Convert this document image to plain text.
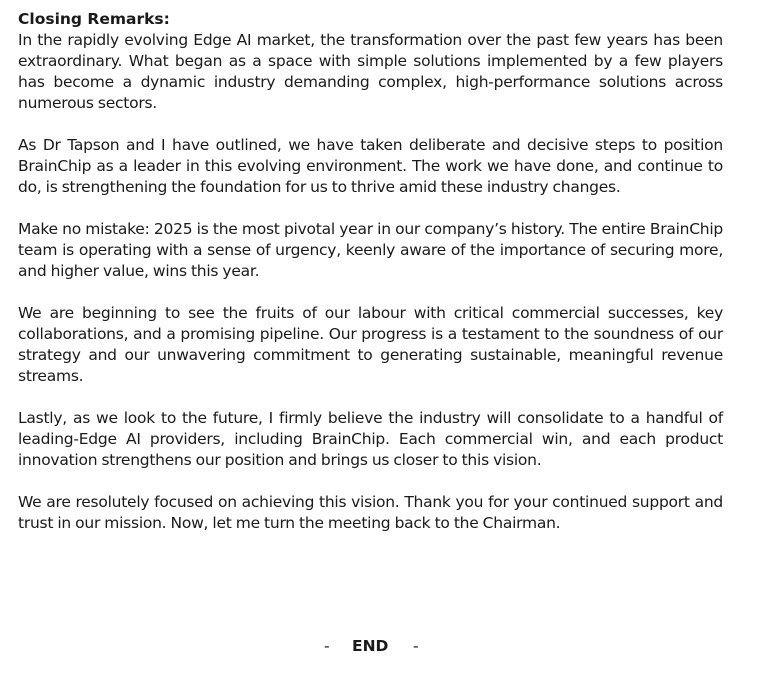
Closing Remarks:

In the rapidly evolving Edge AI market, the transformation over the past few years has been extraordinary. What began as a space with simple solutions implemented by a few players has become a dynamic industry demanding complex, high-performance solutions across numerous sectors.

As Dr Tapson and I have outlined, we have taken deliberate and decisive steps to position BrainChip as a leader in this evolving environment. The work we have done, and continue to do, is strengthening the foundation for us to thrive amid these industry changes.

Make no mistake: 2025 is the most pivotal year in our company’s history. The entire BrainChip team is operating with a sense of urgency, keenly aware of the importance of securing more, and higher value, wins this year.

We are beginning to see the fruits of our labour with critical commercial successes, key collaborations, and a promising pipeline. Our progress is a testament to the soundness of our strategy and our unwavering commitment to generating sustainable, meaningful revenue streams.

Lastly, as we look to the future, I firmly believe the industry will consolidate to a handful of leading-Edge AI providers, including BrainChip. Each commercial win, and each product innovation strengthens our position and brings us closer to this vision.

We are resolutely focused on achieving this vision. Thank you for your continued support and trust in our mission. Now, let me turn the meeting back to the Chairman.

- END -
